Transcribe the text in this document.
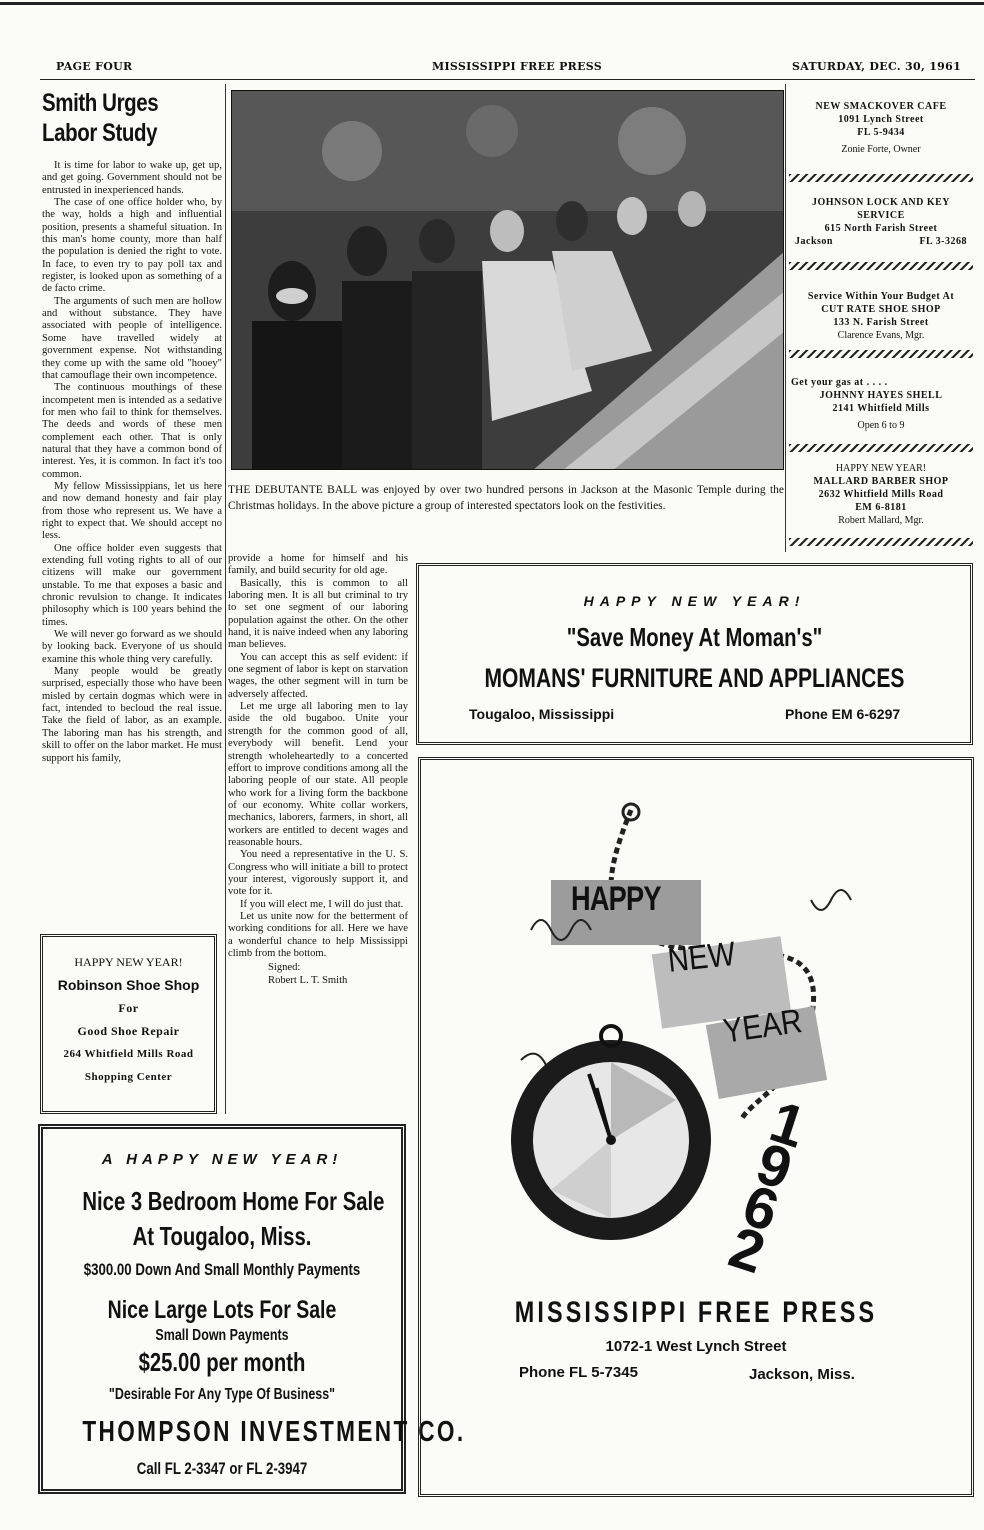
PAGE FOUR	MISSISSIPPI FREE PRESS	SATURDAY, DEC. 30, 1961
Smith Urges
Labor Study

It is time for labor to wake up, get up, and get going. Government should not be entrusted in inexperienced hands.

The case of one office holder who, by the way, holds a high and influential position, presents a shameful situation. In this man's home county, more than half the population is denied the right to vote. In face, to even try to pay poll tax and register, is looked upon as something of a de facto crime.

The arguments of such men are hollow and without substance. They have associated with people of intelligence. Some have travelled widely at government expense. Not withstanding they come up with the same old "hooey" that camouflage their own incompetence.

The continuous mouthings of these incompetent men is intended as a sedative for men who fail to think for themselves. The deeds and words of these men complement each other. That is only natural that they have a common bond of interest. Yes, it is common. In fact it's too common.

My fellow Mississippians, let us here and now demand honesty and fair play from those who represent us. We have a right to expect that. We should accept no less.

One office holder even suggests that extending full voting rights to all of our citizens will make our government unstable. To me that exposes a basic and chronic revulsion to change. It indicates philosophy which is 100 years behind the times.

We will never go forward as we should by looking back. Everyone of us should examine this whole thing very carefully.

Many people would be greatly surprised, especially those who have been misled by certain dogmas which were in fact, intended to becloud the real issue. Take the field of labor, as an example. The laboring man has his strength, and skill to offer on the labor market. He must support his family,

provide a home for himself and his family, and build security for old age.

Basically, this is common to all laboring men. It is all but criminal to try to set one segment of our laboring population against the other. On the other hand, it is naive indeed when any laboring man believes.

You can accept this as self evident: if one segment of labor is kept on starvation wages, the other segment will in turn be adversely affected.

Let me urge all laboring men to lay aside the old bugaboo. Unite your strength for the common good of all, everybody will benefit. Lend your strength wholeheartedly to a concerted effort to improve conditions among all the laboring people of our state. All people who work for a living form the backbone of our economy. White collar workers, mechanics, laborers, farmers, in short, all workers are entitled to decent wages and reasonable hours.

You need a representative in the U. S. Congress who will initiate a bill to protect your interest, vigorously support it, and vote for it.

If you will elect me, I will do just that.

Let us unite now for the betterment of working conditions for all. Here we have a wonderful chance to help Mississippi climb from the bottom.

Signed:

Robert L. T. Smith

THE DEBUTANTE BALL was enjoyed by over two hundred persons in Jackson at the Masonic Temple during the Christmas holidays. In the above picture a group of interested spectators look on the festivities.
NEW SMACKOVER CAFE
1091 Lynch Street
FL 5-9434
Zonie Forte, Owner
JOHNSON LOCK AND KEY
SERVICE
615 North Farish Street
Jackson	FL 3-3268
Service Within Your Budget At
CUT RATE SHOE SHOP
133 N. Farish Street
Clarence Evans, Mgr.
Get your gas at . . . .
JOHNNY HAYES SHELL
2141 Whitfield Mills
Open 6 to 9
HAPPY NEW YEAR!
MALLARD BARBER SHOP
2632 Whitfield Mills Road
EM 6-8181
Robert Mallard, Mgr.
HAPPY NEW YEAR!
"Save Money At Moman's"
MOMANS' FURNITURE AND APPLIANCES
Tougaloo, Mississippi	Phone EM 6-6297
HAPPY NEW YEAR!
Robinson Shoe Shop
For
Good Shoe Repair
264 Whitfield Mills Road
Shopping Center
A HAPPY NEW YEAR!
Nice 3 Bedroom Home For Sale
At Tougaloo, Miss.
$300.00 Down And Small Monthly Payments
Nice Large Lots For Sale
Small Down Payments
$25.00 per month
"Desirable For Any Type Of Business"
THOMPSON INVESTMENT CO.
Call FL 2-3347 or FL 2-3947
HAPPY
NEW
YEAR
1962
MISSISSIPPI FREE PRESS
1072-1 West Lynch Street
Phone FL 5-7345	Jackson, Miss.
